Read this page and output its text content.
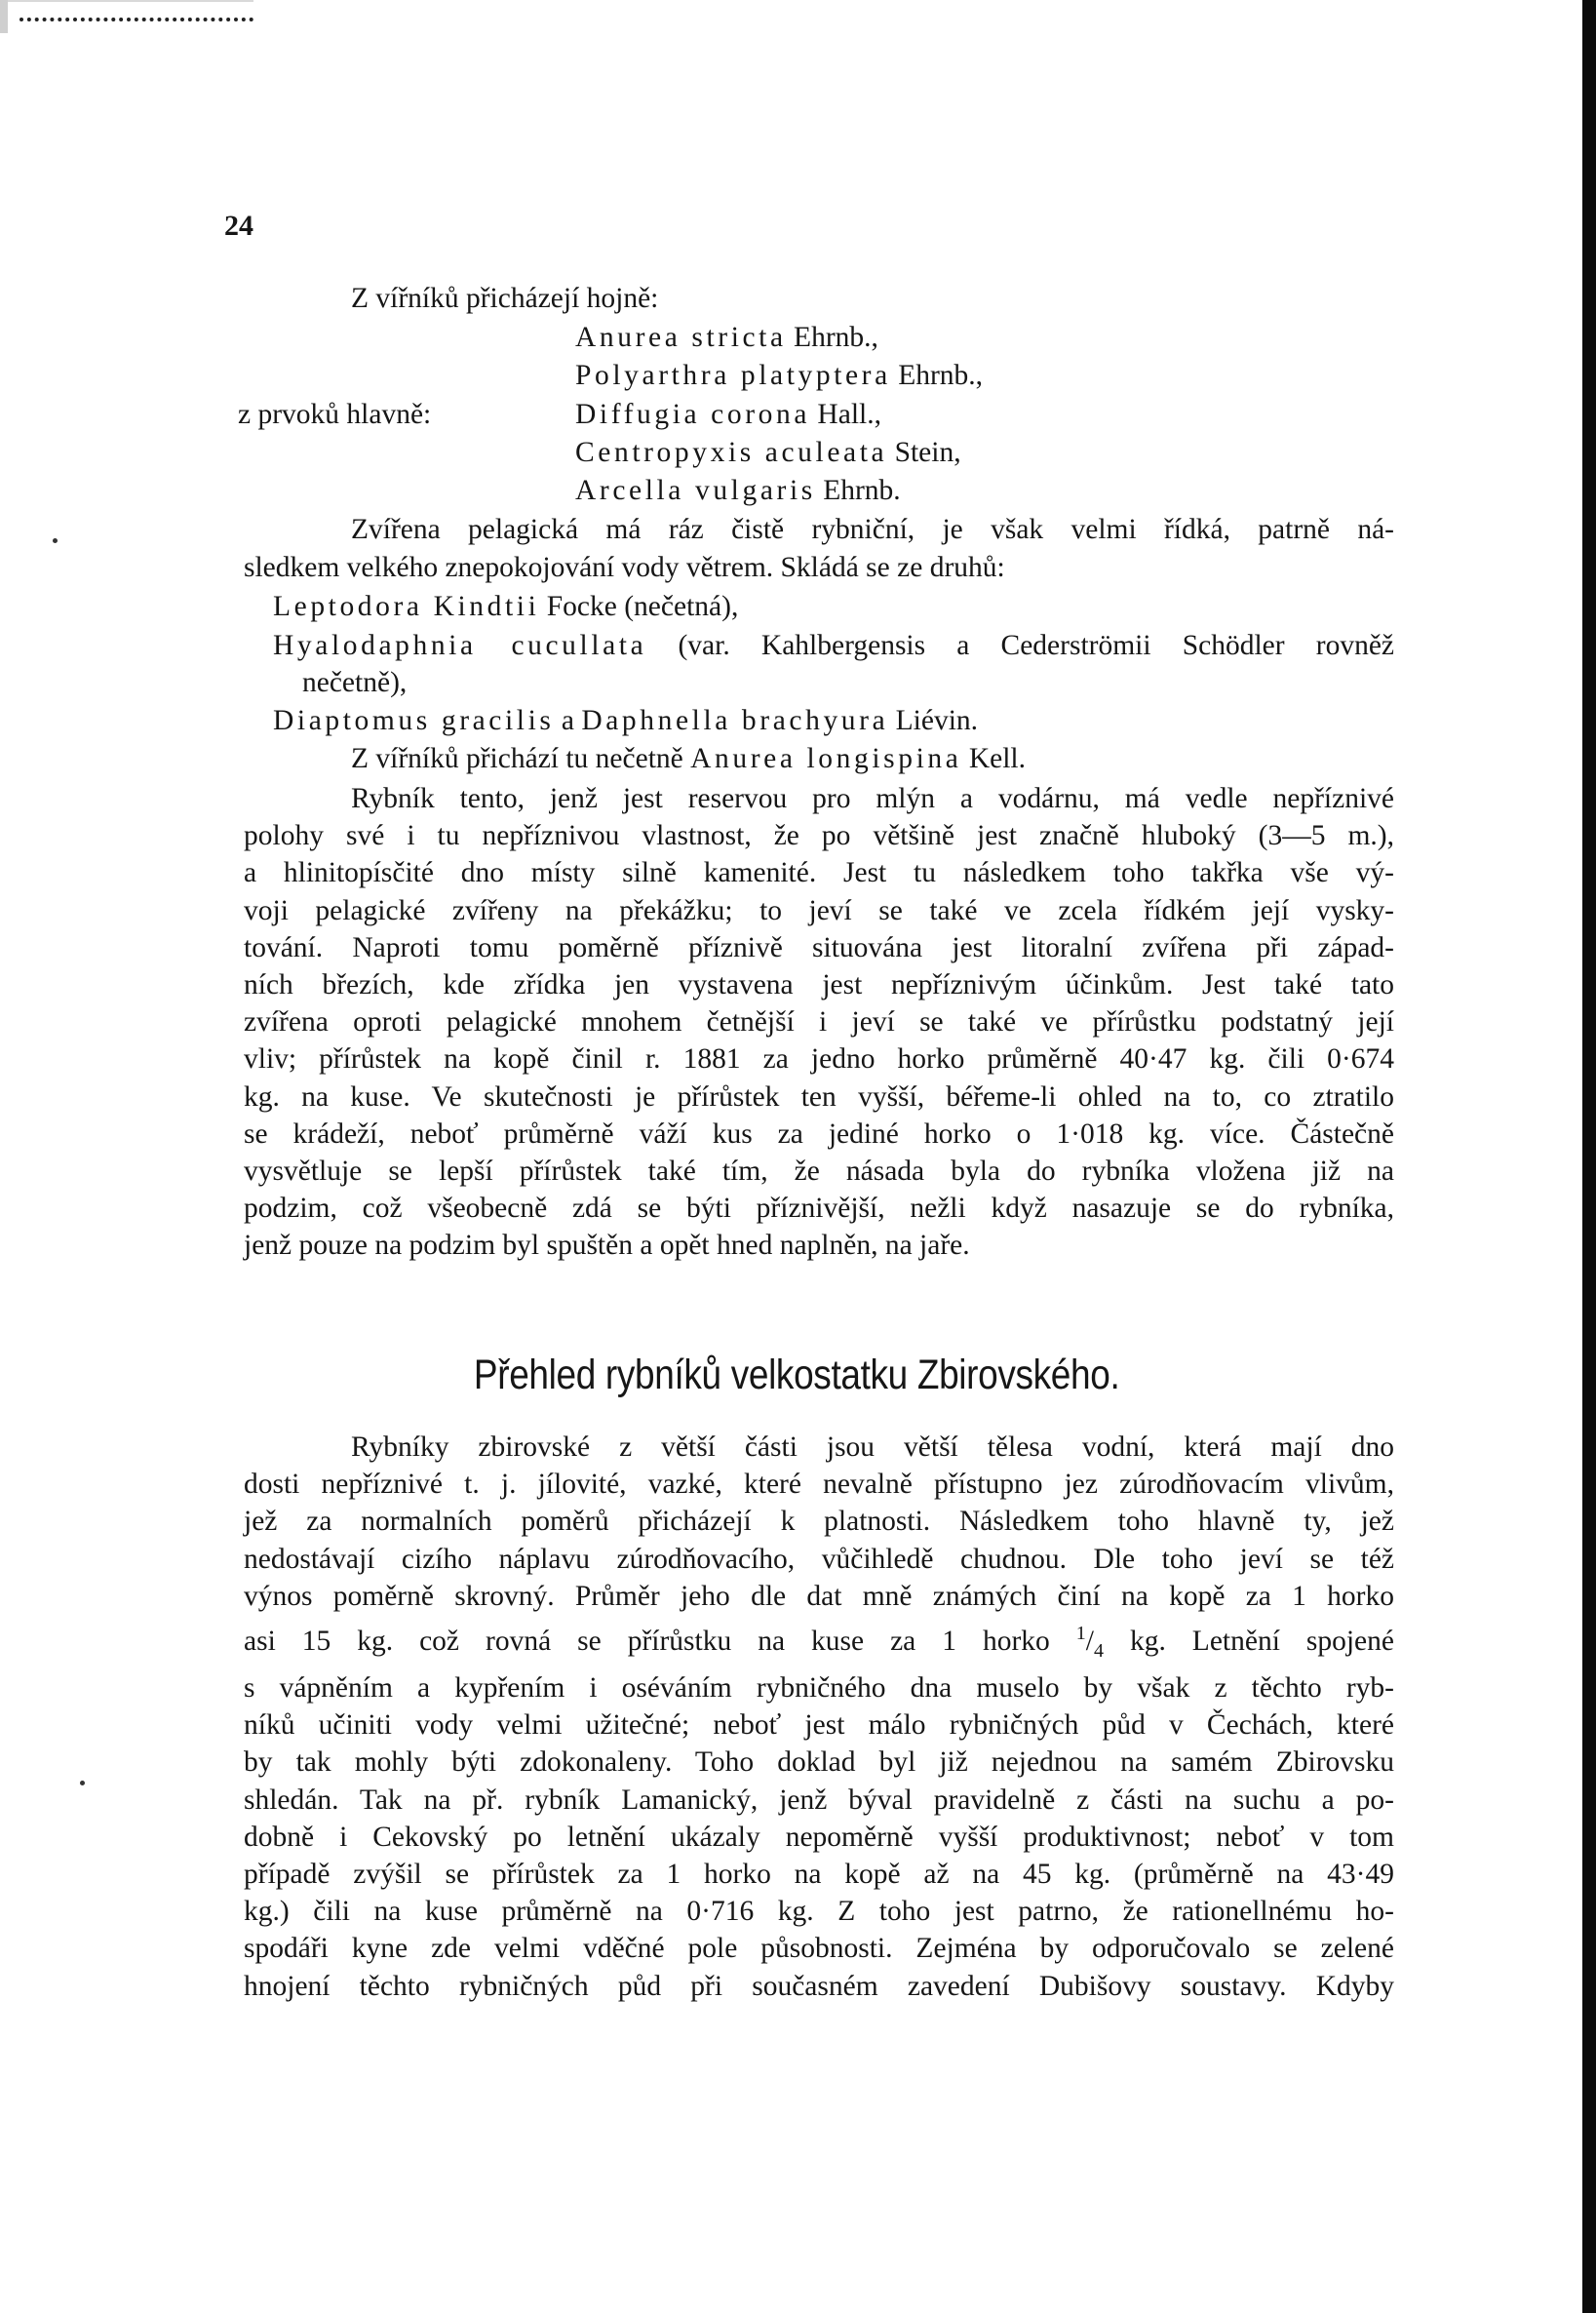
24
Z vířníků přicházejí hojně:
Anurea stricta Ehrnb.,
Polyarthra platyptera Ehrnb.,
z prvoků hlavně:	Diffugia corona Hall.,
Centropyxis aculeata Stein,
Arcella vulgaris Ehrnb.
Zvířena pelagická má ráz čistě rybniční, je však velmi řídká, patrně ná-
sledkem velkého znepokojování vody větrem. Skládá se ze druhů:
Leptodora Kindtii Focke (nečetná),
Hyalodaphnia cucullata (var. Kahlbergensis a Cederströmii Schödler rovněž
nečetně),
Diaptomus gracilis a Daphnella brachyura Liévin.
Z vířníků přichází tu nečetně Anurea longispina Kell.
Rybník tento, jenž jest reservou pro mlýn a vodárnu, má vedle nepříznivé
polohy své i tu nepříznivou vlastnost, že po většině jest značně hluboký (3—5 m.),
a hlinitopísčité dno místy silně kamenité. Jest tu následkem toho takřka vše vý-
voji pelagické zvířeny na překážku; to jeví se také ve zcela řídkém její vysky-
tování. Naproti tomu poměrně příznivě situována jest litoralní zvířena při západ-
ních březích, kde zřídka jen vystavena jest nepříznivým účinkům. Jest také tato
zvířena oproti pelagické mnohem četnější i jeví se také ve přírůstku podstatný její
vliv; přírůstek na kopě činil r. 1881 za jedno horko průměrně 40·47 kg. čili 0·674
kg. na kuse. Ve skutečnosti je přírůstek ten vyšší, béřeme-li ohled na to, co ztratilo
se krádeží, neboť průměrně váží kus za jediné horko o 1·018 kg. více. Částečně
vysvětluje se lepší přírůstek také tím, že násada byla do rybníka vložena již na
podzim, což všeobecně zdá se býti příznivější, nežli když nasazuje se do rybníka,
jenž pouze na podzim byl spuštěn a opět hned naplněn, na jaře.
Přehled rybníků velkostatku Zbirovského.
Rybníky zbirovské z větší části jsou větší tělesa vodní, která mají dno
dosti nepříznivé t. j. jílovité, vazké, které nevalně přístupno jez zúrodňovacím vlivům,
jež za normalních poměrů přicházejí k platnosti. Následkem toho hlavně ty, jež
nedostávají cizího náplavu zúrodňovacího, vůčihledě chudnou. Dle toho jeví se též
výnos poměrně skrovný. Průměr jeho dle dat mně známých činí na kopě za 1 horko
asi 15 kg. což rovná se přírůstku na kuse za 1 horko $^1/_4$ kg. Letnění spojené
s vápněním a kypřením i oséváním rybničného dna muselo by však z těchto ryb-
níků učiniti vody velmi užitečné; neboť jest málo rybničných půd v Čechách, které
by tak mohly býti zdokonaleny. Toho doklad byl již nejednou na samém Zbirovsku
shledán. Tak na př. rybník Lamanický, jenž býval pravidelně z části na suchu a po-
dobně i Cekovský po letnění ukázaly nepoměrně vyšší produktivnost; neboť v tom
případě zvýšil se přírůstek za 1 horko na kopě až na 45 kg. (průměrně na 43·49
kg.) čili na kuse průměrně na 0·716 kg. Z toho jest patrno, že rationellnému ho-
spodáři kyne zde velmi vděčné pole působnosti. Zejména by odporučovalo se zelené
hnojení těchto rybničných půd při současném zavedení Dubišovy soustavy. Kdyby
